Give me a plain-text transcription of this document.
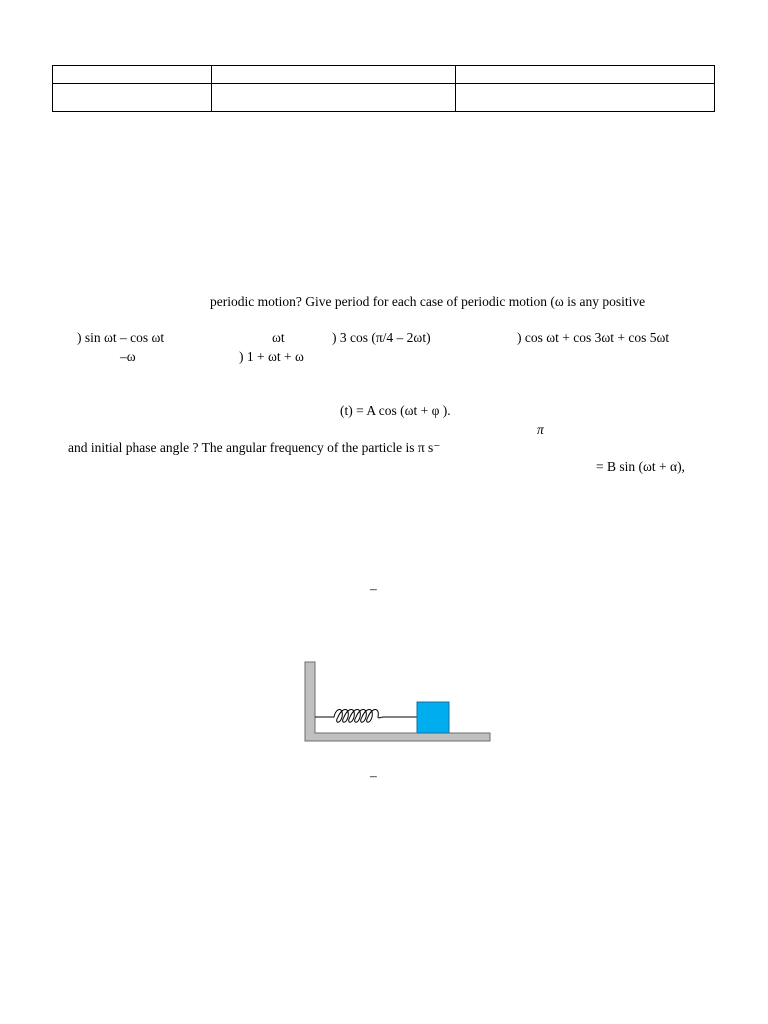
periodic motion? Give period for each case of periodic motion (ω is any positive
) sin ωt – cos ωt	ωt	) 3 cos (π/4 – 2ωt)	) cos ωt + cos 3ωt + cos 5ωt
–ω	) 1 + ωt + ω
(t) = A cos (ωt + φ ).
π
and initial phase angle ? The angular frequency of the particle is π s⁻
= B sin (ωt + α),
–
–
